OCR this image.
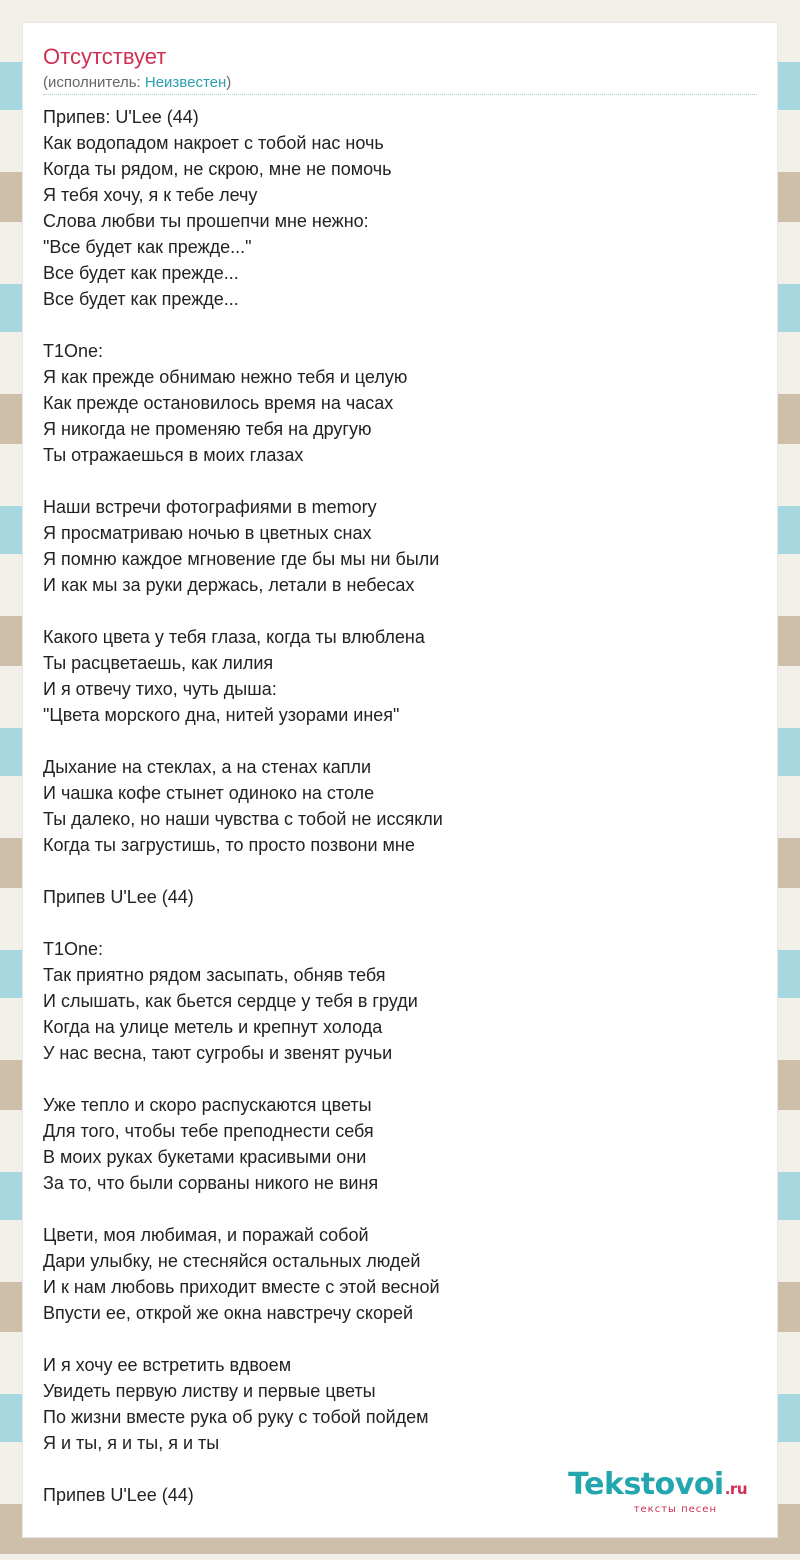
Отсутствует
(исполнитель: Неизвестен)
Припев: U'Lee (44)
Как водопадом накроет с тобой нас ночь
Когда ты рядом, не скрою, мне не помочь
Я тебя хочу, я к тебе лечу
Слова любви ты прошепчи мне нежно:
"Все будет как прежде..."
Все будет как прежде...
Все будет как прежде...
T1One:
Я как прежде обнимаю нежно тебя и целую
Как прежде остановилось время на часах
Я никогда не променяю тебя на другую
Ты отражаешься в моих глазах
Наши встречи фотографиями в memory
Я просматриваю ночью в цветных снах
Я помню каждое мгновение где бы мы ни были
И как мы за руки держась, летали в небесах
Какого цвета у тебя глаза, когда ты влюблена
Ты расцветаешь, как лилия
И я отвечу тихо, чуть дыша:
"Цвета морского дна, нитей узорами инея"
Дыхание на стеклах, а на стенах капли
И чашка кофе стынет одиноко на столе
Ты далеко, но наши чувства с тобой не иссякли
Когда ты загрустишь, то просто позвони мне
Припев U'Lee (44)
T1One:
Так приятно рядом засыпать, обняв тебя
И слышать, как бьется сердце у тебя в груди
Когда на улице метель и крепнут холода
У нас весна, тают сугробы и звенят ручьи
Уже тепло и скоро распускаются цветы
Для того, чтобы тебе преподнести себя
В моих руках букетами красивыми они
За то, что были сорваны никого не виня
Цвети, моя любимая, и поражай собой
Дари улыбку, не стесняйся остальных людей
И к нам любовь приходит вместе с этой весной
Впусти ее, открой же окна навстречу скорей
И я хочу ее встретить вдвоем
Увидеть первую листву и первые цветы
По жизни вместе рука об руку с тобой пойдем
Я и ты, я и ты, я и ты
Припев U'Lee (44)	Tekstovoi.ru
тексты песен
